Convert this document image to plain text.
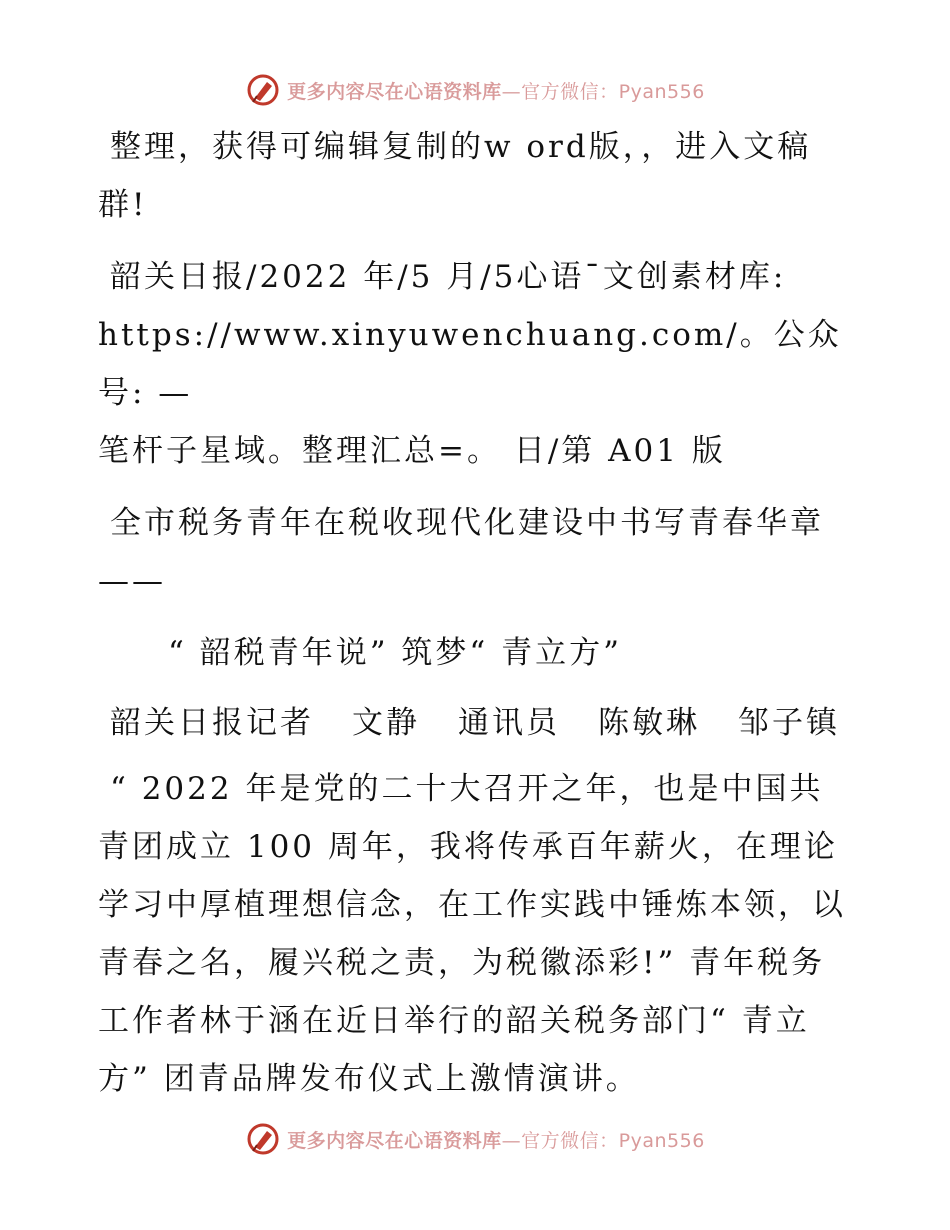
更多内容尽在心语资料库—官方微信：Pyan556

整理，获得可编辑复制的w ord版，，进入文稿
群!

韶关日报/2022 年/5 月/5心语¯文创素材库:
https://www.xinyuwenchuang.com/。公众号: —
笔杆子星域。整理汇总=。 日/第 A01 版

全市税务青年在税收现代化建设中书写青春华章
——

“ 韶税青年说” 筑梦“ 青立方”

韶关日报记者 文静 通讯员 陈敏琳 邹子镇

“ 2022 年是党的二十大召开之年，也是中国共
青团成立 100 周年，我将传承百年薪火，在理论
学习中厚植理想信念，在工作实践中锤炼本领，以
青春之名，履兴税之责，为税徽添彩!” 青年税务
工作者林于涵在近日举行的韶关税务部门“ 青立
方” 团青品牌发布仪式上激情演讲。

更多内容尽在心语资料库—官方微信：Pyan556
